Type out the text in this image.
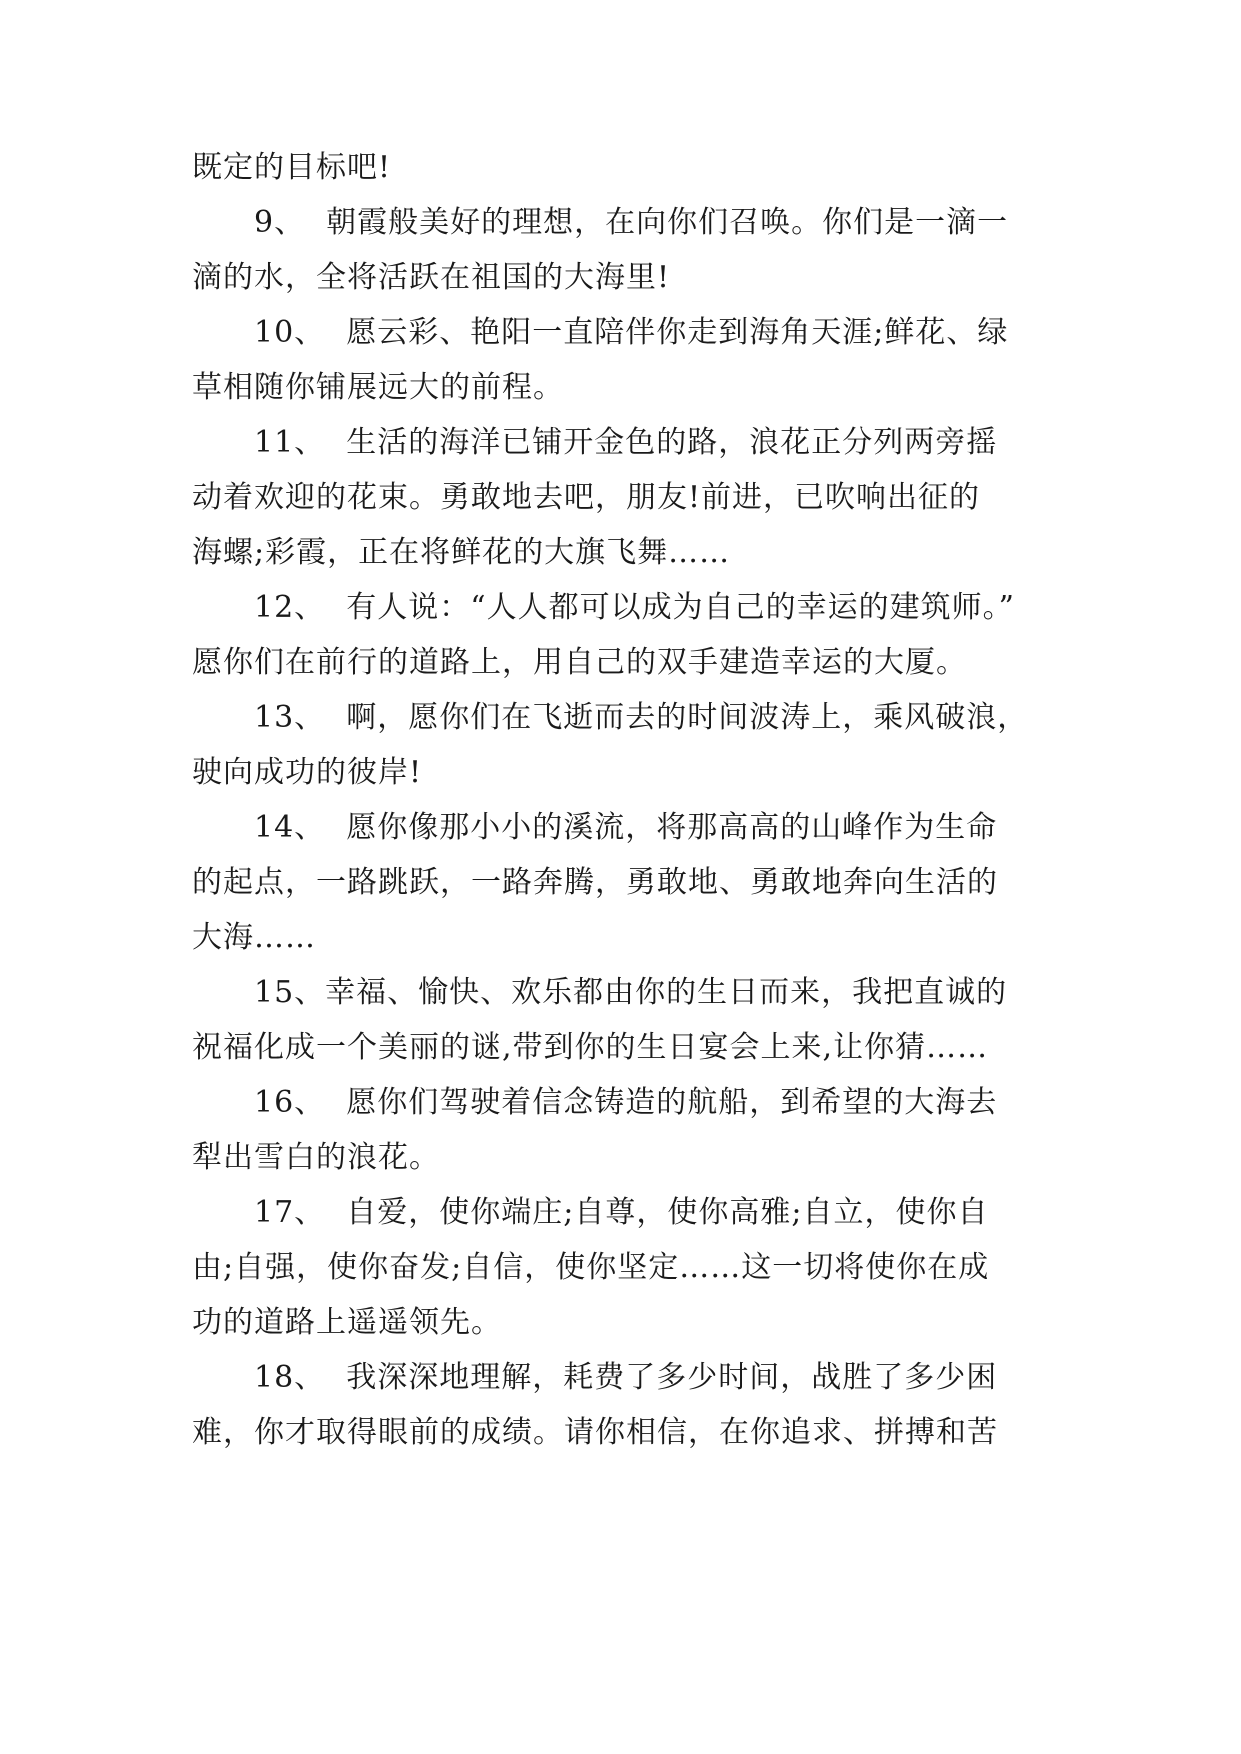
既定的目标吧!
9、  朝霞般美好的理想，在向你们召唤。你们是一滴一
滴的水，全将活跃在祖国的大海里!
10、  愿云彩、艳阳一直陪伴你走到海角天涯;鲜花、绿
草相随你铺展远大的前程。
11、  生活的海洋已铺开金色的路，浪花正分列两旁摇
动着欢迎的花束。勇敢地去吧，朋友!前进，已吹响出征的
海螺;彩霞，正在将鲜花的大旗飞舞……
12、  有人说：“人人都可以成为自己的幸运的建筑师。”
愿你们在前行的道路上，用自己的双手建造幸运的大厦。
13、  啊，愿你们在飞逝而去的时间波涛上，乘风破浪，
驶向成功的彼岸!
14、  愿你像那小小的溪流，将那高高的山峰作为生命
的起点，一路跳跃，一路奔腾，勇敢地、勇敢地奔向生活的
大海……
15、幸福、愉快、欢乐都由你的生日而来，我把直诚的
祝福化成一个美丽的谜,带到你的生日宴会上来,让你猜……
16、  愿你们驾驶着信念铸造的航船，到希望的大海去
犁出雪白的浪花。
17、  自爱，使你端庄;自尊，使你高雅;自立，使你自
由;自强，使你奋发;自信，使你坚定……这一切将使你在成
功的道路上遥遥领先。
18、  我深深地理解，耗费了多少时间，战胜了多少困
难，你才取得眼前的成绩。请你相信，在你追求、拼搏和苦
